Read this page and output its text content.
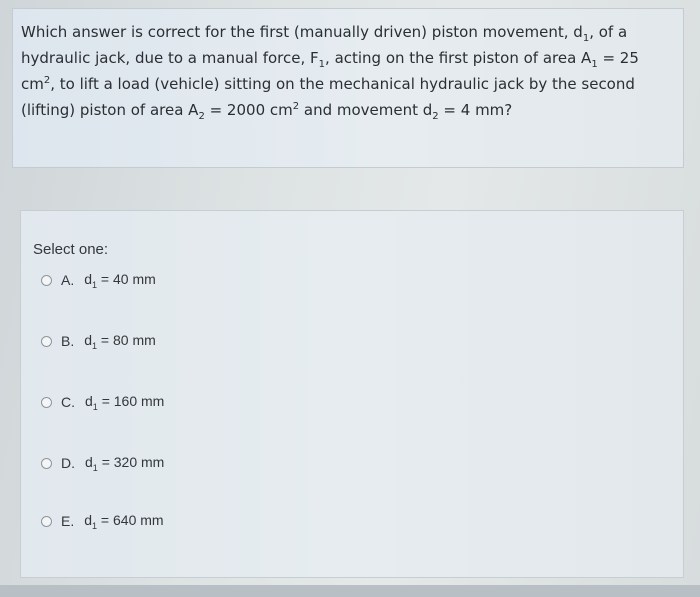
Which answer is correct for the first (manually driven) piston movement, $d_1$, of a hydraulic jack, due to a manual force, $F_1$, acting on the first piston of area $A_1 = 25$ $cm^2$, to lift a load (vehicle) sitting on the mechanical hydraulic jack by the second (lifting) piston of area $A_2 = 2000$ $cm^2$ and movement $d_2 = 4$ mm?

Select one:

A. $d_1 = 40$ mm
B. $d_1 = 80$ mm
C. $d_1 = 160$ mm
D. $d_1 = 320$ mm
E. $d_1 = 640$ mm
